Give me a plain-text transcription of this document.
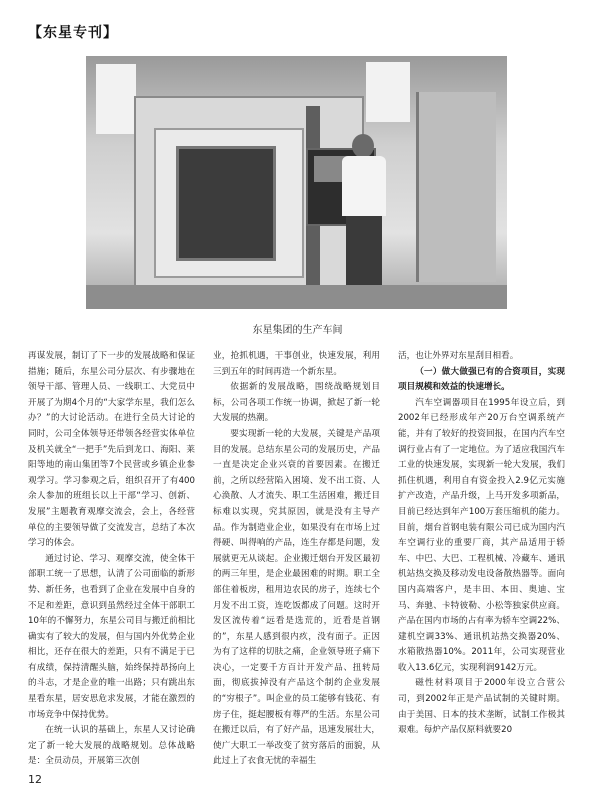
【东星专刊】
东星集团的生产车间

再谋发展，制订了下一步的发展战略和保证措施；随后，东星公司分层次、有步骤地在领导干部、管理人员、一线职工、大党员中开展了为期4个月的“大家学东星，我们怎么办？”的大讨论活动。在进行全员大讨论的同时，公司全体领导还带领各经营实体单位及机关就全“一把手”先后到龙口、海阳、莱阳等地的南山集团等7个民营或乡镇企业参观学习。学习参观之后，组织召开了有400余人参加的班组长以上干部“学习、创新、发展”主题教育观摩交流会，会上，各经营单位的主要领导做了交流发言，总结了本次学习的体会。

通过讨论、学习、观摩交流，使全体干部职工统一了思想，认清了公司面临的新形势、新任务，也看到了企业在发展中自身的不足和差距，意识到虽然经过全体干部职工10年的不懈努力，东星公司目与搬迁前相比确实有了较大的发展，但与国内外优势企业相比，还存在很大的差距，只有不满足于已有成绩，保持清醒头脑，始终保持昂扬向上的斗志，才是企业的唯一出路；只有跳出东星看东星，居安思危求发展，才能在激烈的市场竞争中保持优势。

在统一认识的基础上，东星人又讨论确定了新一轮大发展的战略规划。总体战略是：全员动员，开展第三次创

业，抢抓机遇，干事创业，快速发展，利用三到五年的时间再造一个新东星。

依据新的发展战略，围绕战略规划目标，公司各项工作统一协调，掀起了新一轮大发展的热潮。

要实现新一轮的大发展，关键是产品项目的发展。总结东星公司的发展历史，产品一直是决定企业兴衰的首要因素。在搬迁前，之所以经营陷入困境、发不出工资、人心涣散、人才流失、职工生活困难，搬迁目标难以实现，究其原因，就是没有主导产品。作为制造业企业，如果没有在市场上过得硬、叫得响的产品，连生存都是问题，发展就更无从谈起。企业搬迁烟台开发区最初的两三年里，是企业最困难的时期。职工全部住着板房，租用边农民的房子，连续七个月发不出工资，连吃饭都成了问题。这时开发区流传着“远看是选荒的，近看是首钢的”，东星人感到很内疚，没有面子。正因为有了这样的切肤之痛，企业领导班子痛下决心，一定要千方百计开发产品、扭转局面，彻底拔掉没有产品这个制约企业发展的“穷根子”。叫企业的员工能够有钱花、有房子住，挺起腰板有尊严的生活。东星公司在搬迁以后，有了好产品，迅速发展壮大，使广大职工一举改变了贫穷落后的面貌，从此过上了衣食无忧的幸福生

活，也让外界对东星刮目相看。

（一）做大做强已有的合资项目，实现项目规模和效益的快速增长。

汽车空调器项目在1995年设立后，到2002年已经形成年产20万台空调系统产能，并有了较好的投资回报，在国内汽车空调行业占有了一定地位。为了适应我国汽车工业的快速发展，实现新一轮大发展，我们抓住机遇，利用自有资金投入2.9亿元实施扩产改造，产品升级，上马开发多项新品，目前已经达到年产100万套压缩机的能力。目前，烟台首钢电装有限公司已成为国内汽车空调行业的重要厂商，其产品适用于轿车、中巴、大巴、工程机械、冷藏车、通讯机站热交换及移动发电设备散热器等。面向国内高端客户，是丰田、本田、奥迪、宝马、奔驰、卡特彼勒、小松等独家供应商。产品在国内市场的占有率为轿车空调22%、建机空调33%、通讯机站热交换器20%、水箱散热器10%。2011年，公司实现营业收入13.6亿元，实现利润9142万元。

磁性材料项目于2000年设立合营公司，到2002年正是产品试制的关键时期。由于美国、日本的技术垄断，试制工作极其艰难。每炉产品仅原料就要20

12
